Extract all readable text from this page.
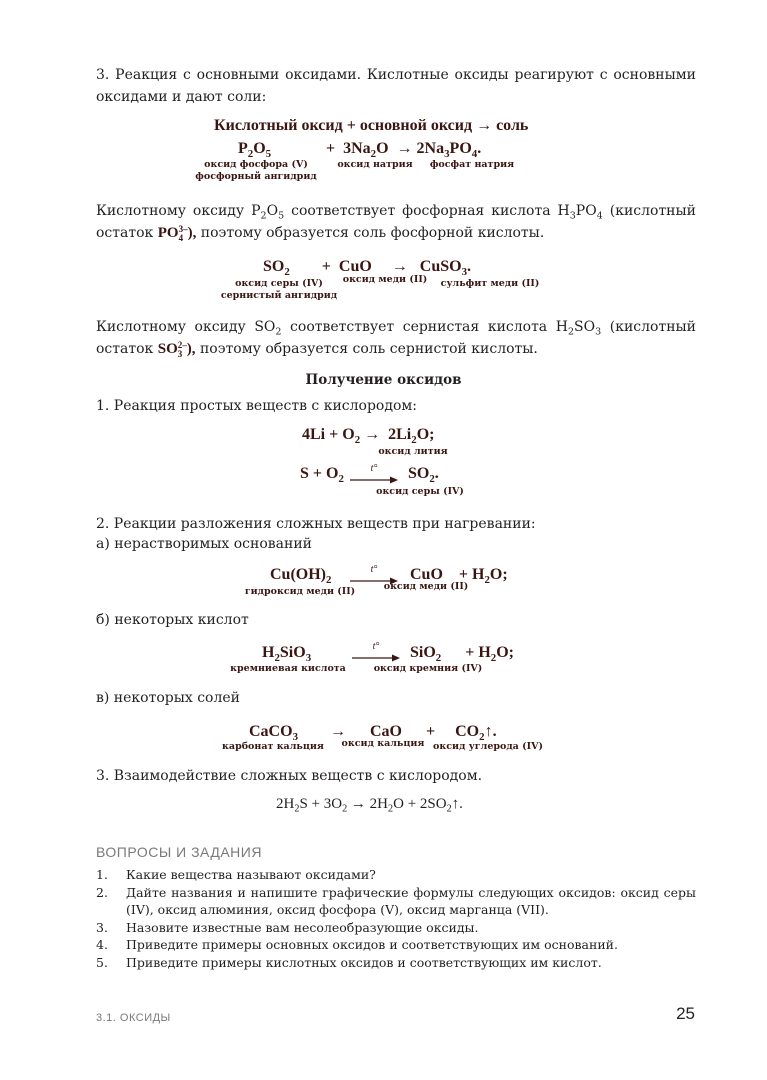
3. Реакция с основными оксидами. Кислотные оксиды реагируют с основными оксидами и дают соли:

Кислотный оксид + основной оксид → соль
$P_2O_5$	+  $3Na_2O \to 2Na_3PO_4$.
оксид фосфора (V)
фосфорный ангидрид
оксид натрия фосфат натрия

Кислотному оксиду $P_2O_5$ соответствует фосфорная кислота $H_3PO_4$ (кислотный остаток PO 3–
4 ), поэтому образуется соль фосфорной кислоты.

$SO_2$        +  CuO     →   CuSO$_3$.
оксид серы (IV)
сернистый ангидрид
оксид меди (II) сульфит меди (II)

Кислотному оксиду $SO_2$ соответствует сернистая кислота $H_2SO_3$ (кислотный остаток SO 2–
3 ), поэтому образуется соль сернистой кислоты.

Получение оксидов
1. Реакция простых веществ с кислородом:
$4Li + O_2 \to 2Li_2O$;
оксид лития
$S + O_2$
t° $SO_2$.
оксид серы (IV)
2. Реакции разложения сложных веществ при нагревании:
а) нерастворимых оснований
$Cu(OH)_2$
t° CuO    + $H_2O$;
гидроксид меди (II)	оксид меди (II)
б) некоторых кислот
$H_2SiO_3$
t° SiO$_2$      + $H_2O$;
кремниевая кислота	оксид кремния (IV)
в) некоторых солей
CaCO$_3$        →      CaO      +     $CO_2↑$.
карбонат кальция оксид кальция оксид углерода (IV)
3. Взаимодействие сложных веществ с кислородом.
$2H_2S + 3O_2 \to 2H_2O$ + $2SO_2↑$.
ВОПРОСЫ И ЗАДАНИЯ
1.	Какие вещества называют оксидами?
2.	Дайте названия и напишите графические формулы следующих оксидов: оксид серы (IV), оксид алюминия, оксид фосфора (V), оксид марганца (VII).
3.	Назовите известные вам несолеобразующие оксиды.
4.	Приведите примеры основных оксидов и соответствующих им оснований.
5.	Приведите примеры кислотных оксидов и соответствующих им кислот.
3.1. ОКСИДЫ	25
